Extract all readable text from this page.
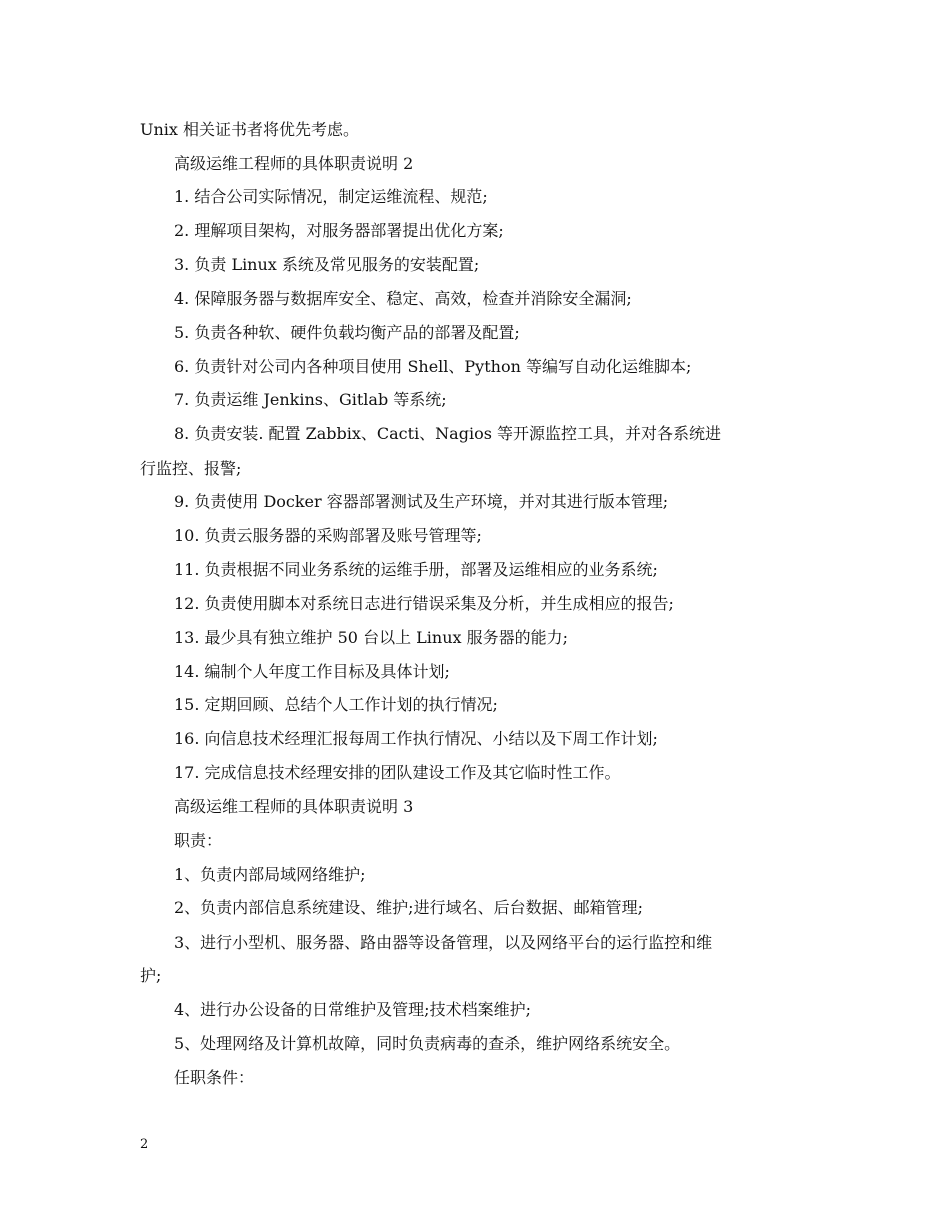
Unix 相关证书者将优先考虑。
高级运维工程师的具体职责说明 2
1. 结合公司实际情况，制定运维流程、规范;
2. 理解项目架构，对服务器部署提出优化方案;
3. 负责 Linux 系统及常见服务的安装配置;
4. 保障服务器与数据库安全、稳定、高效，检查并消除安全漏洞;
5. 负责各种软、硬件负载均衡产品的部署及配置;
6. 负责针对公司内各种项目使用 Shell、Python 等编写自动化运维脚本;
7. 负责运维 Jenkins、Gitlab 等系统;
8. 负责安装. 配置 Zabbix、Cacti、Nagios 等开源监控工具，并对各系统进
行监控、报警;
9. 负责使用 Docker 容器部署测试及生产环境，并对其进行版本管理;
10. 负责云服务器的采购部署及账号管理等;
11. 负责根据不同业务系统的运维手册，部署及运维相应的业务系统;
12. 负责使用脚本对系统日志进行错误采集及分析，并生成相应的报告;
13. 最少具有独立维护 50 台以上 Linux 服务器的能力;
14. 编制个人年度工作目标及具体计划;
15. 定期回顾、总结个人工作计划的执行情况;
16. 向信息技术经理汇报每周工作执行情况、小结以及下周工作计划;
17. 完成信息技术经理安排的团队建设工作及其它临时性工作。
高级运维工程师的具体职责说明 3
职责：
1、负责内部局域网络维护;
2、负责内部信息系统建设、维护;进行域名、后台数据、邮箱管理;
3、进行小型机、服务器、路由器等设备管理，以及网络平台的运行监控和维
护;
4、进行办公设备的日常维护及管理;技术档案维护;
5、处理网络及计算机故障，同时负责病毒的查杀，维护网络系统安全。
任职条件：
2
